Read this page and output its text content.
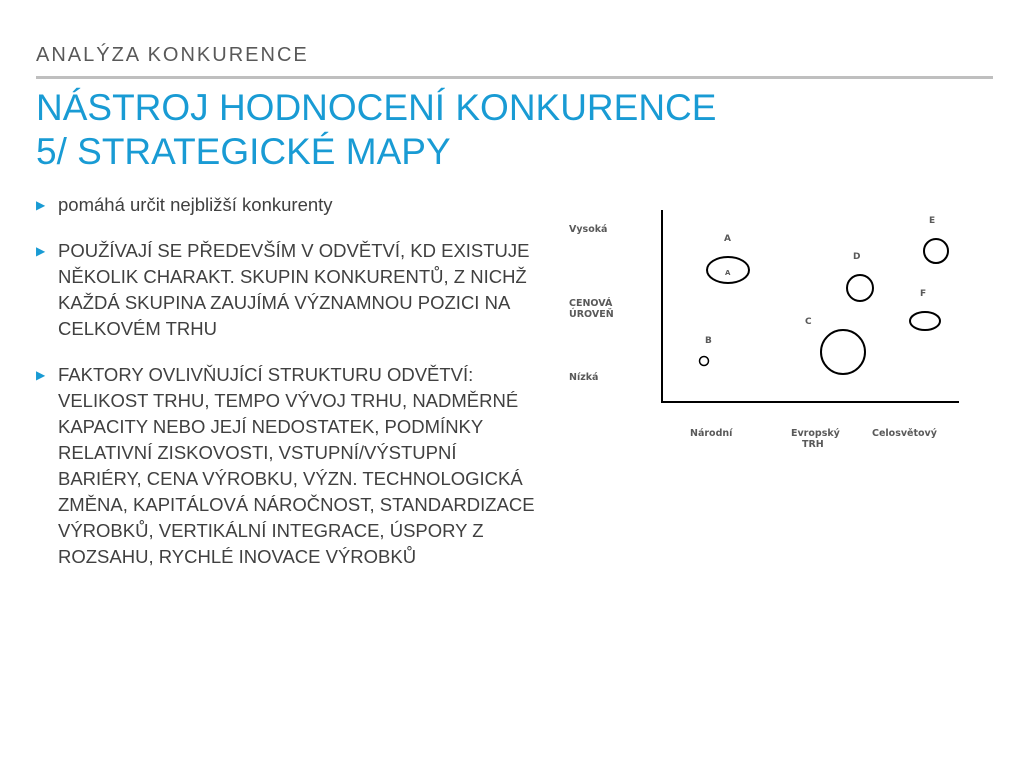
ANALÝZA KONKURENCE
NÁSTROJ HODNOCENÍ KONKURENCE
5/ STRATEGICKÉ MAPY
▶ pomáhá určit nejbližší konkurenty
▶ POUŽÍVAJÍ SE PŘEDEVŠÍM V ODVĚTVÍ, KD EXISTUJE NĚKOLIK CHARAKT. SKUPIN KONKURENTŮ, Z NICHŽ KAŽDÁ SKUPINA ZAUJÍMÁ VÝZNAMNOU POZICI NA CELKOVÉM TRHU
▶ FAKTORY OVLIVŇUJÍCÍ STRUKTURU ODVĚTVÍ: VELIKOST TRHU, TEMPO VÝVOJ TRHU, NADMĚRNÉ KAPACITY NEBO JEJÍ NEDOSTATEK, PODMÍNKY RELATIVNÍ ZISKOVOSTI, VSTUPNÍ/VÝSTUPNÍ BARIÉRY, CENA VÝROBKU, VÝZN. TECHNOLOGICKÁ ZMĚNA, KAPITÁLOVÁ NÁROČNOST, STANDARDIZACE VÝROBKŮ, VERTIKÁLNÍ INTEGRACE, ÚSPORY Z ROZSAHU, RYCHLÉ INOVACE VÝROBKŮ
Vysoká
CENOVÁ
ÚROVEŇ
Nízká
Národní	Evropský
TRH
Celosvětový
A
A
B
C
D
E
F
